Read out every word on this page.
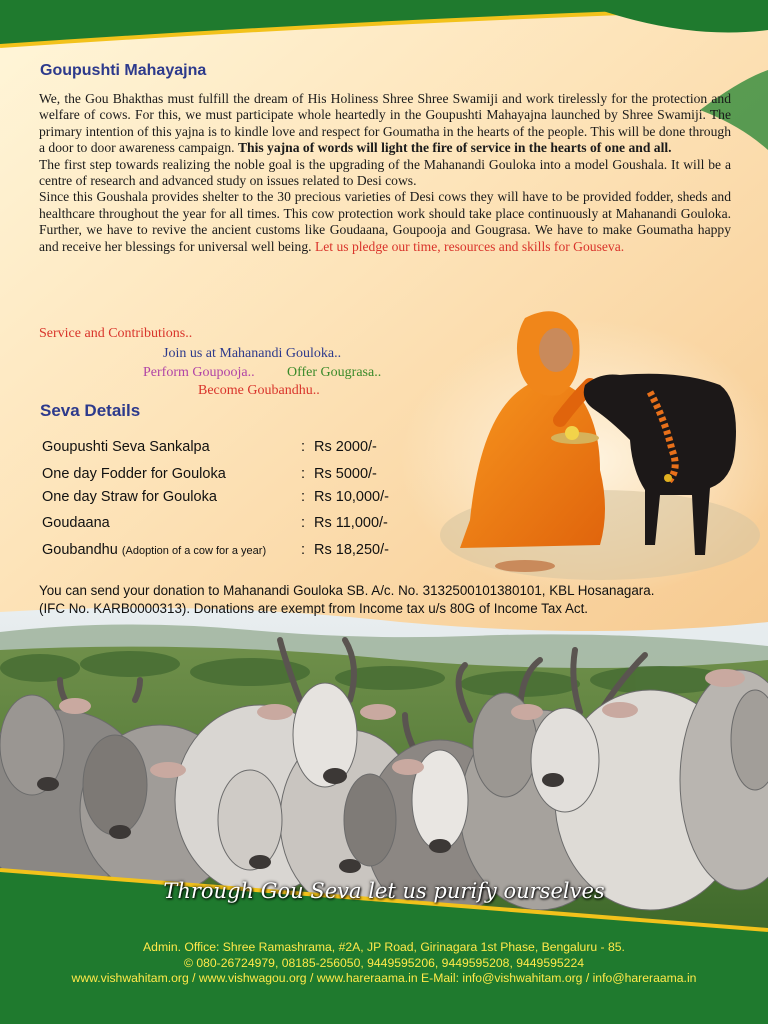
Goupushti Mahayajna

We, the Gou Bhakthas must fulfill the dream of His Holiness Shree Shree Swamiji and work tirelessly for the protection and welfare of cows. For this, we must participate whole heartedly in the Goupushti Mahayajna launched by Shree Swamiji. The primary intention of this yajna is to kindle love and respect for Goumatha in the hearts of the people. This will be done through a door to door awareness campaign. This yajna of words will light the fire of service in the hearts of one and all.

The first step towards realizing the noble goal is the upgrading of the Mahanandi Gouloka into a model Goushala. It will be a centre of research and advanced study on issues related to Desi cows.

Since this Goushala provides shelter to the 30 precious varieties of Desi cows they will have to be provided fodder, sheds and healthcare throughout the year for all times. This cow protection work should take place continuously at Mahanandi Gouloka. Further, we have to revive the ancient customs like Goudaana, Goupooja and Gougrasa. We have to make Goumatha happy and receive her blessings for universal well being. Let us pledge our time, resources and skills for Gouseva.

Service and Contributions..
Join us at Mahanandi Gouloka..
Perform Goupooja.. Offer Gougrasa..
Become Goubandhu..
Seva Details
Goupushti Seva Sankalpa	: Rs 2000/-
One day Fodder for Gouloka	: Rs 5000/-
One day Straw for Gouloka	: Rs 10,000/-
Goudaana	: Rs 11,000/-
Goubandhu (Adoption of a cow for a year) : Rs 18,250/-
You can send your donation to Mahanandi Gouloka SB. A/c. No. 3132500101380101, KBL Hosanagara.
(IFC No. KARB0000313). Donations are exempt from Income tax u/s 80G of Income Tax Act.
Through Gou Seva let us purify ourselves
Admin. Office: Shree Ramashrama, #2A, JP Road, Girinagara 1st Phase, Bengaluru - 85.
© 080-26724979, 08185-256050, 9449595206, 9449595208, 9449595224
www.vishwahitam.org / www.vishwagou.org / www.hareraama.in E-Mail: info@vishwahitam.org / info@hareraama.in
